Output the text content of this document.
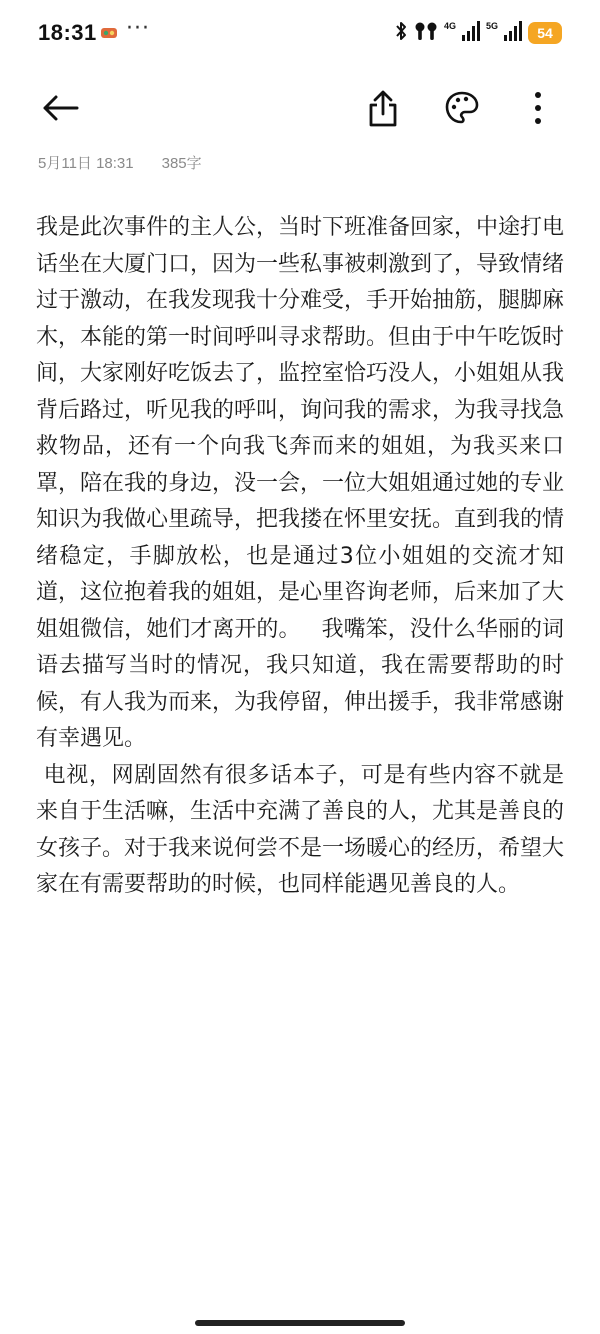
18:31 ···	4G	5G	54
5月11日 18:31 385字

我是此次事件的主人公，当时下班准备回家，中途打电话坐在大厦门口，因为一些私事被刺激到了，导致情绪过于激动，在我发现我十分难受，手开始抽筋，腿脚麻木，本能的第一时间呼叫寻求帮助。但由于中午吃饭时间，大家刚好吃饭去了，监控室恰巧没人，小姐姐从我背后路过，听见我的呼叫，询问我的需求，为我寻找急救物品，还有一个向我飞奔而来的姐姐，为我买来口罩，陪在我的身边，没一会，一位大姐姐通过她的专业知识为我做心里疏导，把我搂在怀里安抚。直到我的情绪稳定，手脚放松，也是通过3位小姐姐的交流才知道，这位抱着我的姐姐，是心里咨询老师，后来加了大姐姐微信，她们才离开的。   我嘴笨，没什么华丽的词语去描写当时的情况，我只知道，我在需要帮助的时候，有人我为而来，为我停留，伸出援手，我非常感谢有幸遇见。

电视，网剧固然有很多话本子，可是有些内容不就是来自于生活嘛，生活中充满了善良的人，尤其是善良的女孩子。对于我来说何尝不是一场暖心的经历，希望大家在有需要帮助的时候，也同样能遇见善良的人。
